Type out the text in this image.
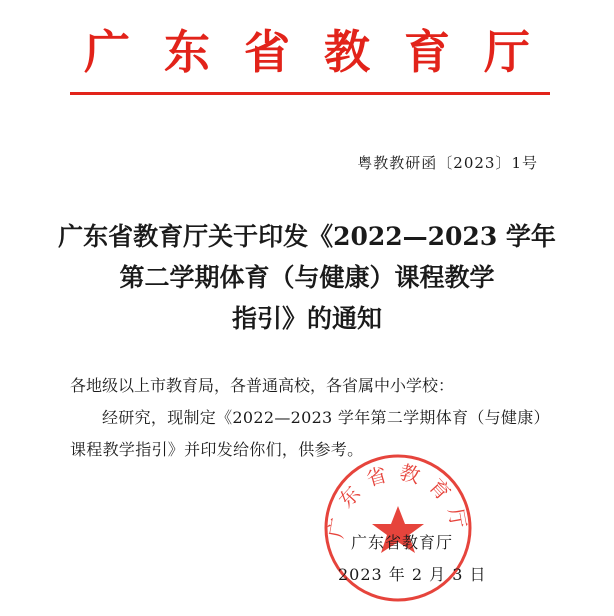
广东省教育厅
粤教教研函〔2023〕1号
广东省教育厅关于印发《2022—2023 学年
第二学期体育（与健康）课程教学
指引》的通知
各地级以上市教育局，各普通高校，各省属中小学校：
经研究，现制定《2022—2023 学年第二学期体育（与健康）课程教学指引》并印发给你们，供参考。
广东省教育厅
广东省教育厅
2023 年 2 月 3 日
